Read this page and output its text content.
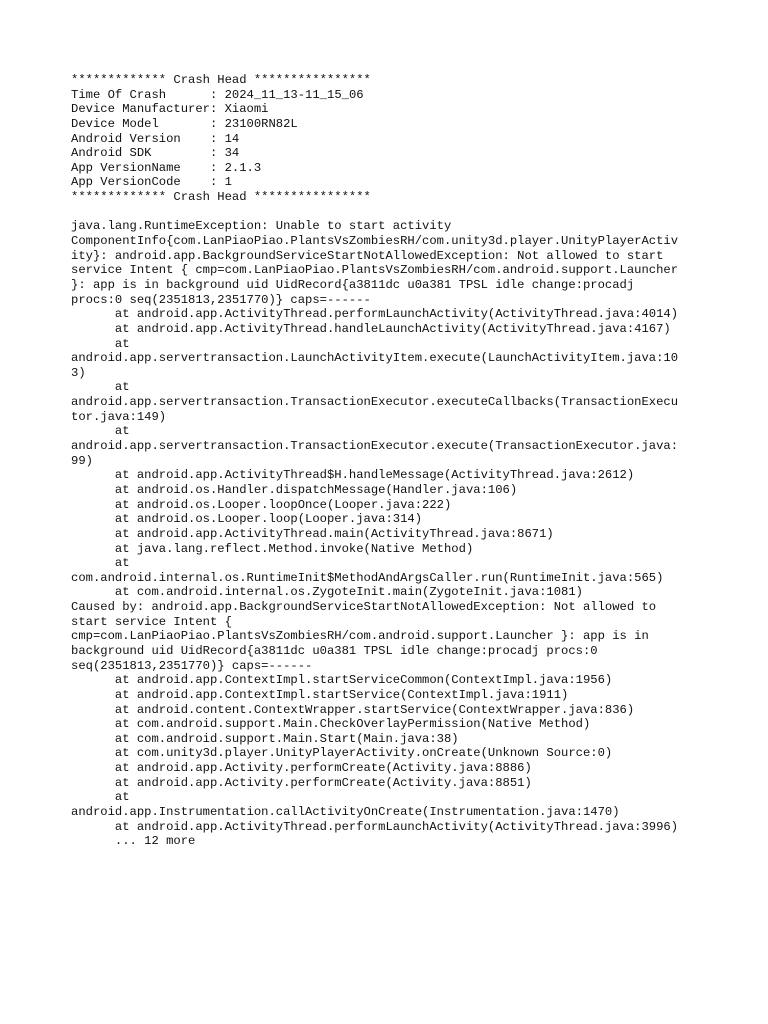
************* Crash Head ****************
Time Of Crash      : 2024_11_13-11_15_06
Device Manufacturer: Xiaomi
Device Model       : 23100RN82L
Android Version    : 14
Android SDK        : 34
App VersionName    : 2.1.3
App VersionCode    : 1
************* Crash Head ****************
java.lang.RuntimeException: Unable to start activity
ComponentInfo{com.LanPiaoPiao.PlantsVsZombiesRH/com.unity3d.player.UnityPlayerActiv
ity}: android.app.BackgroundServiceStartNotAllowedException: Not allowed to start
service Intent { cmp=com.LanPiaoPiao.PlantsVsZombiesRH/com.android.support.Launcher
}: app is in background uid UidRecord{a3811dc u0a381 TPSL idle change:procadj
procs:0 seq(2351813,2351770)} caps=------
at android.app.ActivityThread.performLaunchActivity(ActivityThread.java:4014)
at android.app.ActivityThread.handleLaunchActivity(ActivityThread.java:4167)
at
android.app.servertransaction.LaunchActivityItem.execute(LaunchActivityItem.java:10
3)
at
android.app.servertransaction.TransactionExecutor.executeCallbacks(TransactionExecu
tor.java:149)
at
android.app.servertransaction.TransactionExecutor.execute(TransactionExecutor.java:
99)
at android.app.ActivityThread$H.handleMessage(ActivityThread.java:2612)
at android.os.Handler.dispatchMessage(Handler.java:106)
at android.os.Looper.loopOnce(Looper.java:222)
at android.os.Looper.loop(Looper.java:314)
at android.app.ActivityThread.main(ActivityThread.java:8671)
at java.lang.reflect.Method.invoke(Native Method)
at
com.android.internal.os.RuntimeInit$MethodAndArgsCaller.run(RuntimeInit.java:565)
at com.android.internal.os.ZygoteInit.main(ZygoteInit.java:1081)
Caused by: android.app.BackgroundServiceStartNotAllowedException: Not allowed to
start service Intent {
cmp=com.LanPiaoPiao.PlantsVsZombiesRH/com.android.support.Launcher }: app is in
background uid UidRecord{a3811dc u0a381 TPSL idle change:procadj procs:0
seq(2351813,2351770)} caps=------
at android.app.ContextImpl.startServiceCommon(ContextImpl.java:1956)
at android.app.ContextImpl.startService(ContextImpl.java:1911)
at android.content.ContextWrapper.startService(ContextWrapper.java:836)
at com.android.support.Main.CheckOverlayPermission(Native Method)
at com.android.support.Main.Start(Main.java:38)
at com.unity3d.player.UnityPlayerActivity.onCreate(Unknown Source:0)
at android.app.Activity.performCreate(Activity.java:8886)
at android.app.Activity.performCreate(Activity.java:8851)
at
android.app.Instrumentation.callActivityOnCreate(Instrumentation.java:1470)
at android.app.ActivityThread.performLaunchActivity(ActivityThread.java:3996)
... 12 more
